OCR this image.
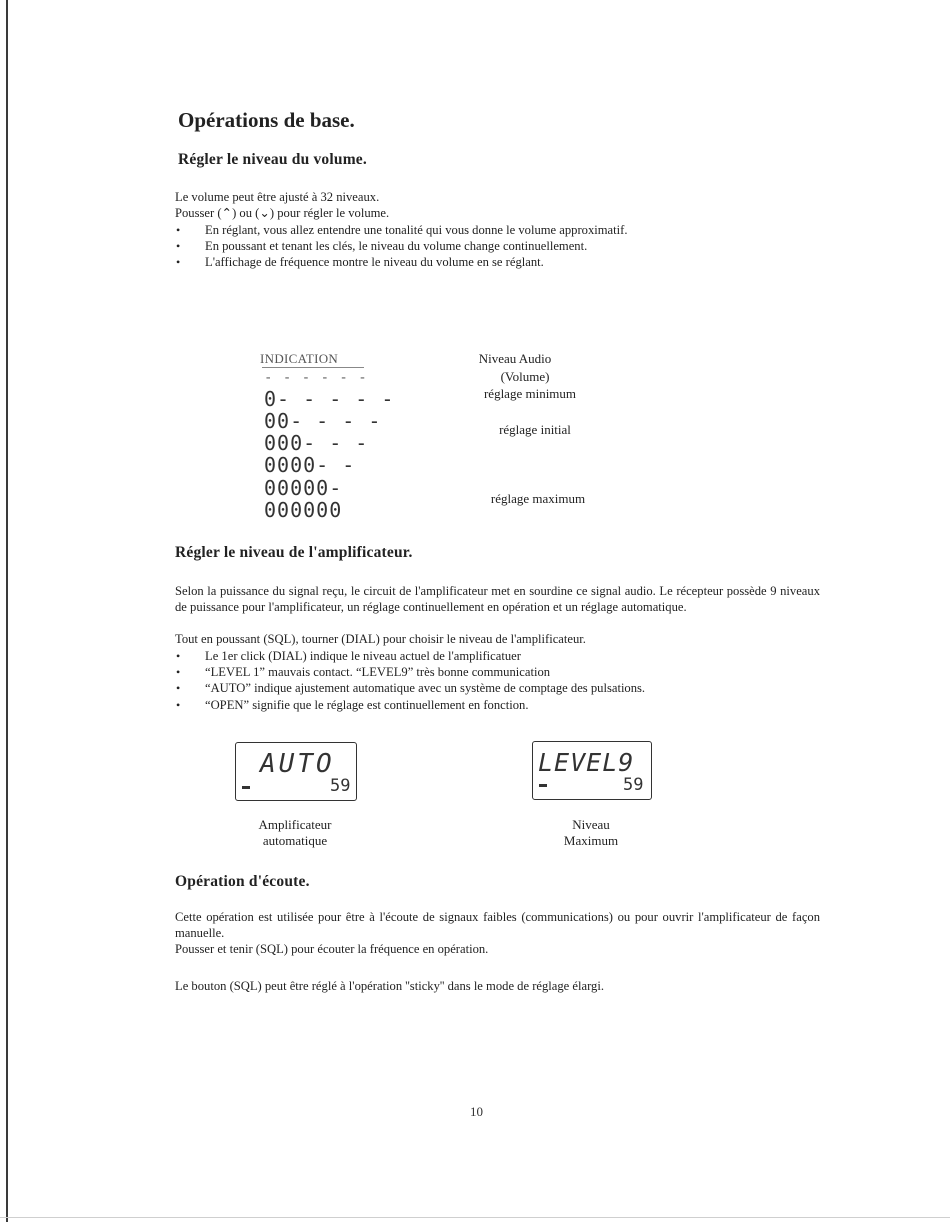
Opérations de base.
Régler le niveau du volume.

Le volume peut être ajusté à 32 niveaux.

Pousser (⌃) ou (⌄) pour régler le volume.

• En réglant, vous allez entendre une tonalité qui vous donne le volume approximatif.
• En poussant et tenant les clés, le niveau du volume change continuellement.
• L'affichage de fréquence montre le niveau du volume en se réglant.
INDICATION
- - - - - -
0- - - - -
00- - - -
000- - -
0000- -
00000-
000000
Niveau Audio
(Volume)
réglage minimum
réglage initial
réglage maximum
Régler le niveau de l'amplificateur.

Selon la puissance du signal reçu, le circuit de l'amplificateur met en sourdine ce signal audio. Le récepteur possède 9 niveaux de puissance pour l'amplificateur, un réglage continuellement en opération et un réglage automatique.

Tout en poussant (SQL), tourner (DIAL) pour choisir le niveau de l'amplificateur.

• Le 1er click (DIAL) indique le niveau actuel de l'amplificatuer
• “LEVEL 1” mauvais contact. “LEVEL9” très bonne communication
• “AUTO” indique ajustement automatique avec un système de comptage des pulsations.
• “OPEN” signifie que le réglage est continuellement en fonction.
AUTO
59
Amplificateur
automatique
LEVEL9
59
Niveau
Maximum
Opération d'écoute.

Cette opération est utilisée pour être à l'écoute de signaux faibles (communications) ou pour ouvrir l'amplificateur de façon manuelle.

Pousser et tenir (SQL) pour écouter la fréquence en opération.

Le bouton (SQL) peut être réglé à l'opération ''sticky'' dans le mode de réglage élargi.

10
